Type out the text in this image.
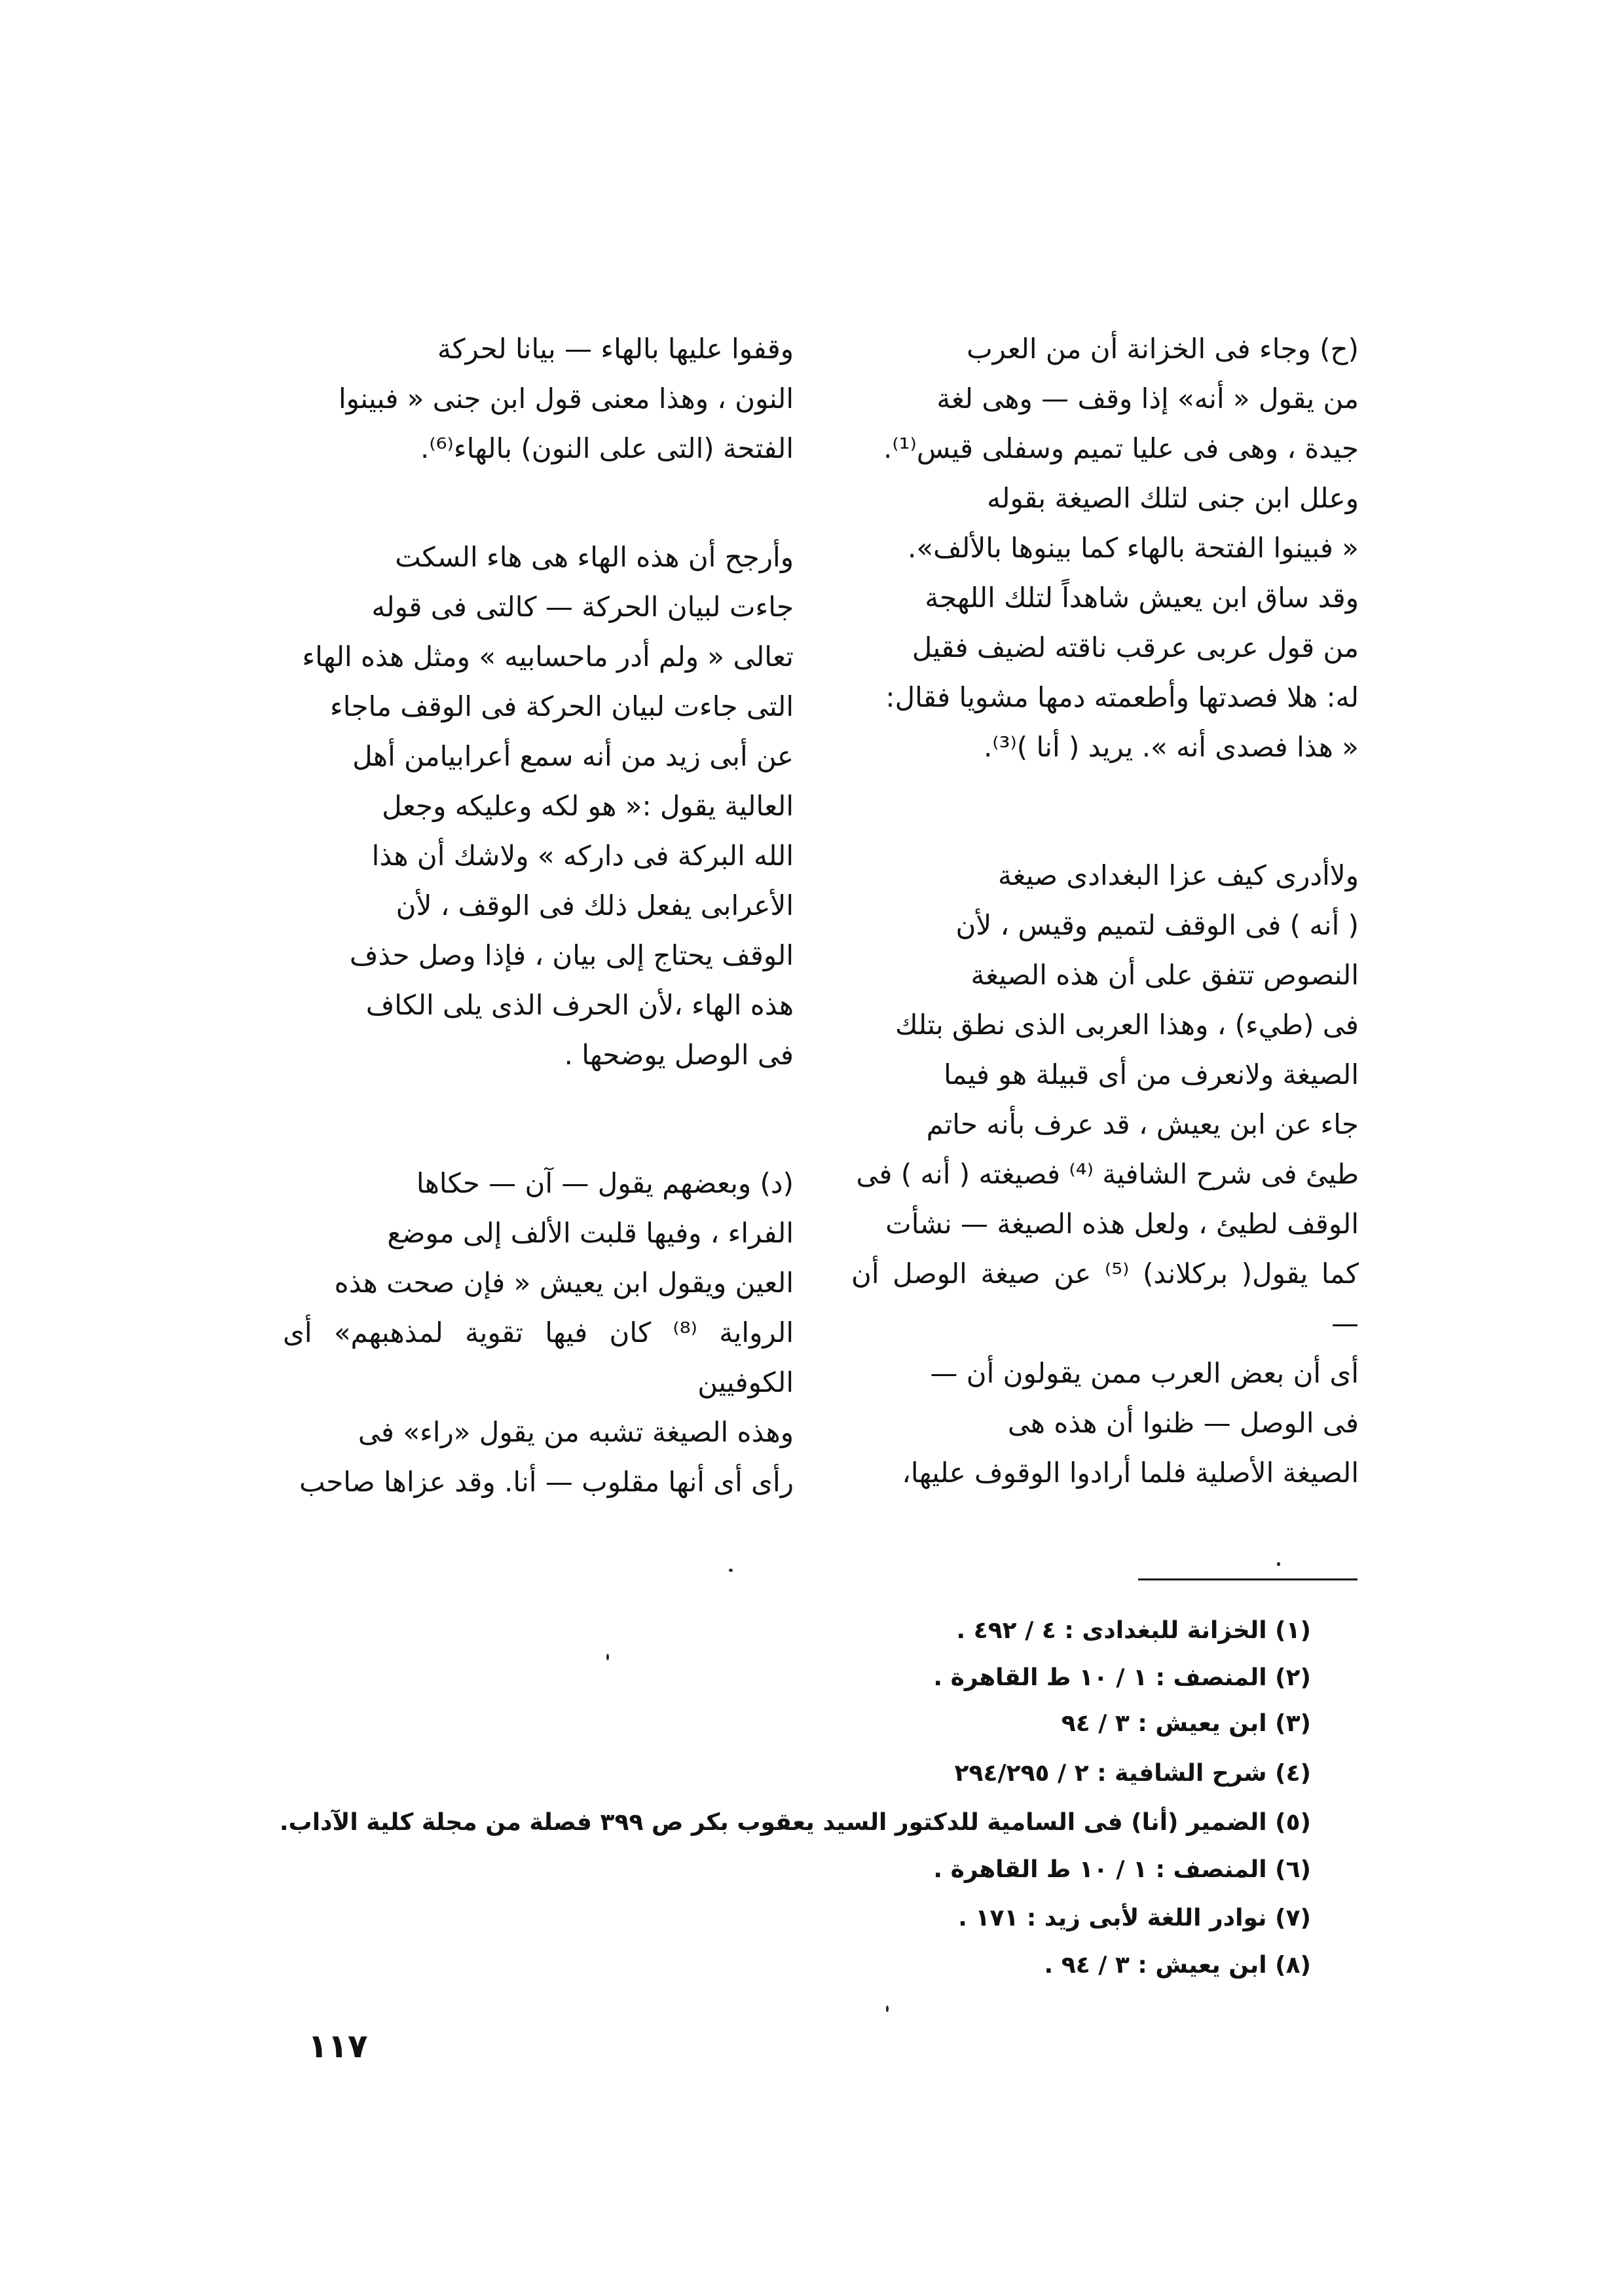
(ح) وجاء فى الخزانة أن من العرب
من يقول « أنه» إذا وقف — وهى لغة
جيدة ، وهى فى عليا تميم وسفلى قيس⁽¹⁾.
وعلل ابن جنى لتلك الصيغة بقوله
« فبينوا الفتحة بالهاء كما بينوها بالألف».
وقد ساق ابن يعيش شاهداً لتلك اللهجة
من قول عربى عرقب ناقته لضيف فقيل
له: هلا فصدتها وأطعمته دمها مشويا فقال:
« هذا فصدى أنه ». يريد ( أنا )⁽³⁾.
ولاأدرى كيف عزا البغدادى صيغة
( أنه ) فى الوقف لتميم وقيس ، لأن
النصوص تتفق على أن هذه الصيغة
فى (طيء) ، وهذا العربى الذى نطق بتلك
الصيغة ولانعرف من أى قبيلة هو فيما
جاء عن ابن يعيش ، قد عرف بأنه حاتم
طيئ فى شرح الشافية ⁽⁴⁾ فصيغته ( أنه ) فى
الوقف لطيئ ، ولعل هذه الصيغة — نشأت
كما يقول( بركلاند) ⁽⁵⁾ عن صيغة الوصل أن —
أى أن بعض العرب ممن يقولون أن —
فى الوصل — ظنوا أن هذه هى
الصيغة الأصلية فلما أرادوا الوقوف عليها،
وقفوا عليها بالهاء — بيانا لحركة
النون ، وهذا معنى قول ابن جنى « فبينوا
الفتحة (التى على النون) بالهاء⁽⁶⁾.
وأرجح أن هذه الهاء هى هاء السكت
جاءت لبيان الحركة — كالتى فى قوله
تعالى « ولم أدر ماحسابيه » ومثل هذه الهاء
التى جاءت لبيان الحركة فى الوقف ماجاء
عن أبى زيد من أنه سمع أعرابيامن أهل
العالية يقول :« هو لكه وعليكه وجعل
الله البركة فى داركه » ولاشك أن هذا
الأعرابى يفعل ذلك فى الوقف ، لأن
الوقف يحتاج إلى بيان ، فإذا وصل حذف
هذه الهاء ،لأن الحرف الذى يلى الكاف
فى الوصل يوضحها .
(د) وبعضهم يقول — آن — حكاها
الفراء ، وفيها قلبت الألف إلى موضع
العين ويقول ابن يعيش « فإن صحت هذه
الرواية ⁽⁸⁾ كان فيها تقوية لمذهبهم» أى الكوفيين
وهذه الصيغة تشبه من يقول «راء» فى
رأى أى أنها مقلوب — أنا. وقد عزاها صاحب
(١) الخزانة للبغدادى : ٤ / ٤٩٢ .
(٢) المنصف : ١ / ١٠ ط القاهرة .
(٣) ابن يعيش : ٣ / ٩٤
(٤) شرح الشافية : ٢ / ٢٩٤/٢٩٥
(٥) الضمير (أنا) فى السامية للدكتور السيد يعقوب بكر ص ٣٩٩ فصلة من مجلة كلية الآداب.
(٦) المنصف : ١ / ١٠ ط القاهرة .
(٧) نوادر اللغة لأبى زيد : ١٧١ .
(٨) ابن يعيش : ٣ / ٩٤ .
١١٧
